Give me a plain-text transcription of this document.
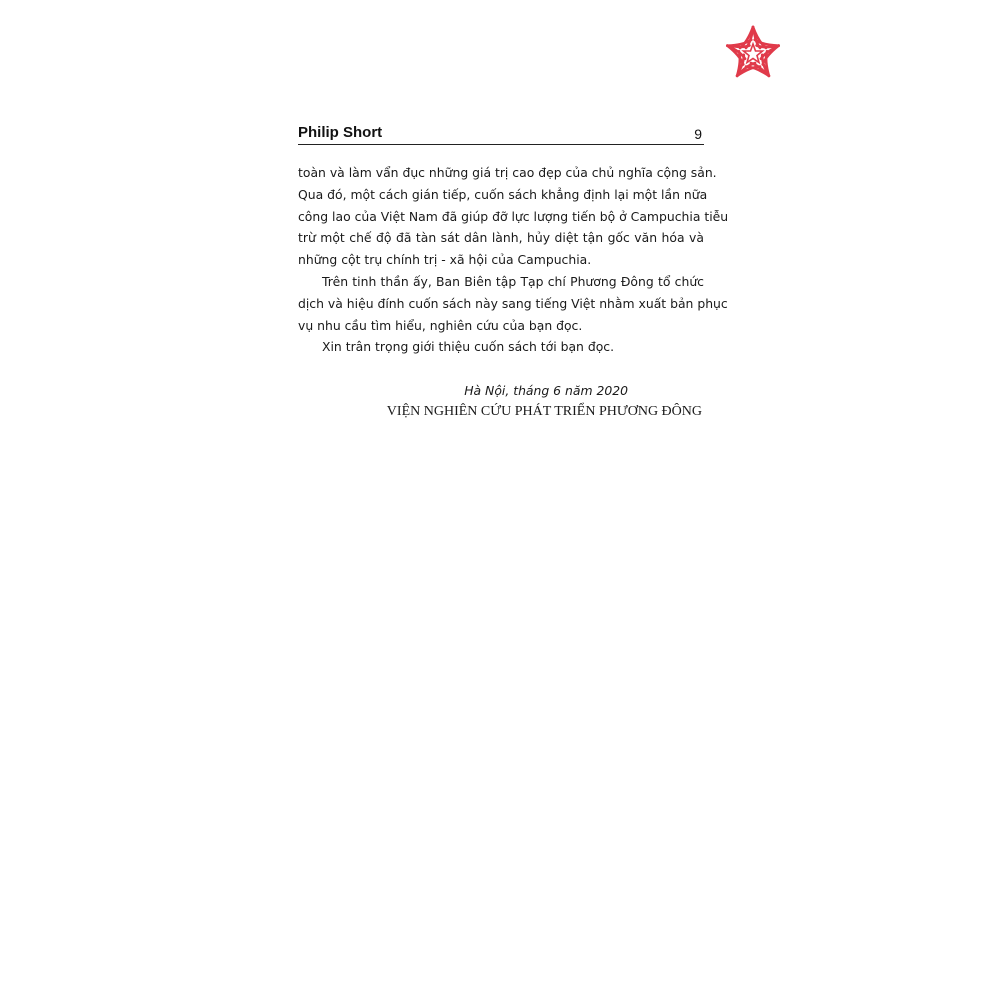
Philip Short	9
toàn và làm vẩn đục những giá trị cao đẹp của chủ nghĩa cộng sản.
Qua đó, một cách gián tiếp, cuốn sách khẳng định lại một lần nữa
công lao của Việt Nam đã giúp đỡ lực lượng tiến bộ ở Campuchia tiễu
trừ một chế độ đã tàn sát dân lành, hủy diệt tận gốc văn hóa và
những cột trụ chính trị - xã hội của Campuchia.
Trên tinh thần ấy, Ban Biên tập Tạp chí Phương Đông tổ chức
dịch và hiệu đính cuốn sách này sang tiếng Việt nhằm xuất bản phục
vụ nhu cầu tìm hiểu, nghiên cứu của bạn đọc.
Xin trân trọng giới thiệu cuốn sách tới bạn đọc.
Hà Nội, tháng 6 năm 2020
VIỆN NGHIÊN CỨU PHÁT TRIỂN PHƯƠNG ĐÔNG
